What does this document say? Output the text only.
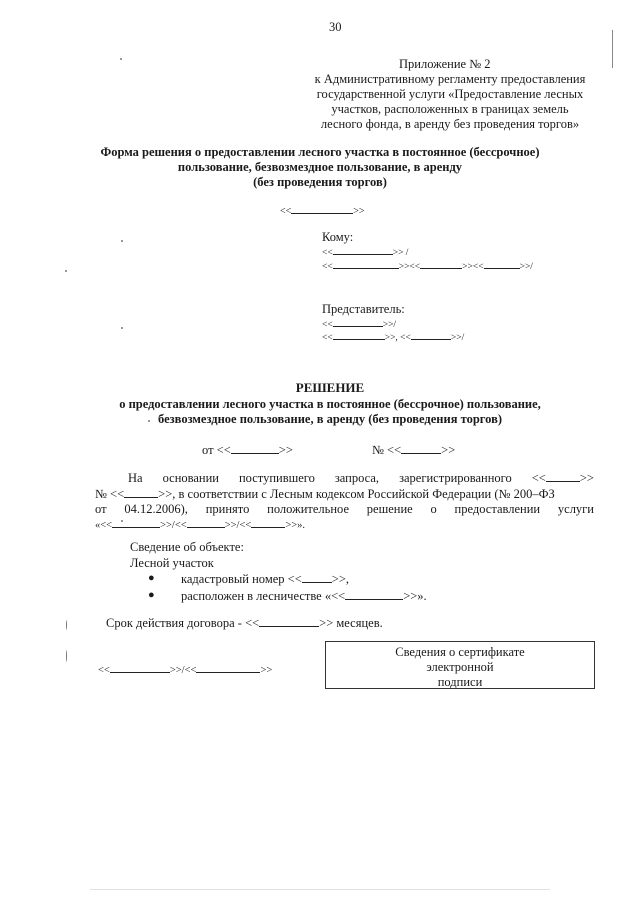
30
Приложение № 2
к Административному регламенту предоставления
государственной услуги «Предоставление лесных
участков, расположенных в границах земель
лесного фонда, в аренду без проведения торгов»
Форма решения о предоставлении лесного участка в постоянное (бессрочное)
пользование, безвозмездное пользование, в аренду
(без проведения торгов)
<<	>>
Кому:
<<	>> /
<<	>><<	>><<	>>/
Представитель:
<<	>>/
<<	>>, <<	>>/
РЕШЕНИЕ
о предоставлении лесного участка в постоянное (бессрочное) пользование,
безвозмездное пользование, в аренду (без проведения торгов)
от <<	>>	№ <<	>>
На основании поступившего запроса, зарегистрированного <<	>>
№ <<	>>, в соответствии с Лесным кодексом Российской Федерации (№ 200–ФЗ
от 04.12.2006), принято положительное решение о предоставлении услуги
«<<	>>/<<	>>/<<	>>».
Сведение об объекте:
Лесной участок
● кадастровый номер << >>,
● расположен в лесничестве «<<	>>».
Срок действия договора - <<	>> месяцев.
<<	>>/<<	>>
Сведения о сертификате
электронной
подписи
